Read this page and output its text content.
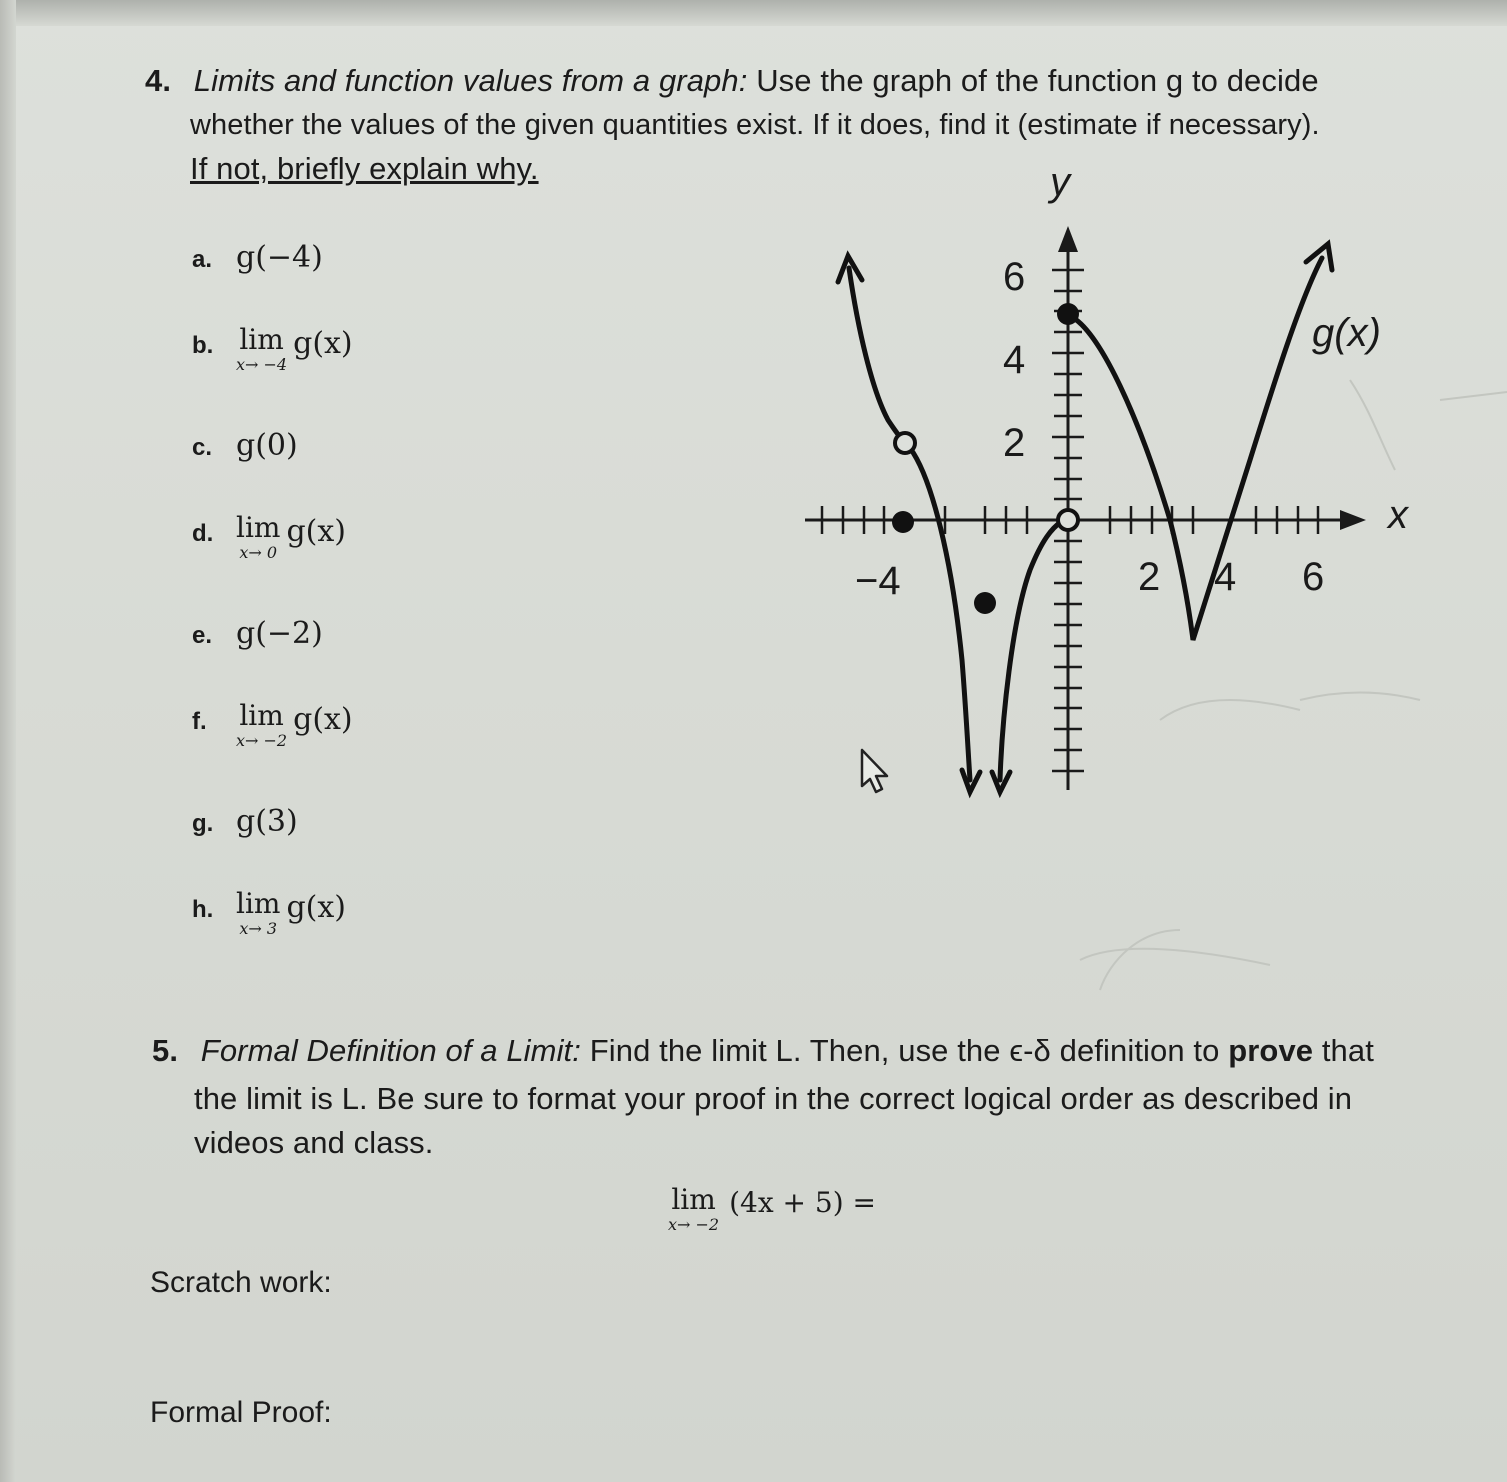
4. Limits and function values from a graph: Use the graph of the function g to decide
whether the values of the given quantities exist. If it does, find it (estimate if necessary).
If not, briefly explain why.
a. g(−4)
b. lim
x→ −4
g(x)
c. g(0)
d. lim
x→ 0
g(x)
e. g(−2)
f.	lim
x→ −2
g(x)
g. g(3)
h. lim
x→ 3
g(x)
y
x
6
4
2
−4	2 4 6
g(x)
5. Formal Definition of a Limit: Find the limit L. Then, use the ϵ-δ definition to prove that
the limit is L. Be sure to format your proof in the correct logical order as described in
videos and class.
lim
x→ −2
(4x + 5) =
Scratch work:
Formal Proof:
